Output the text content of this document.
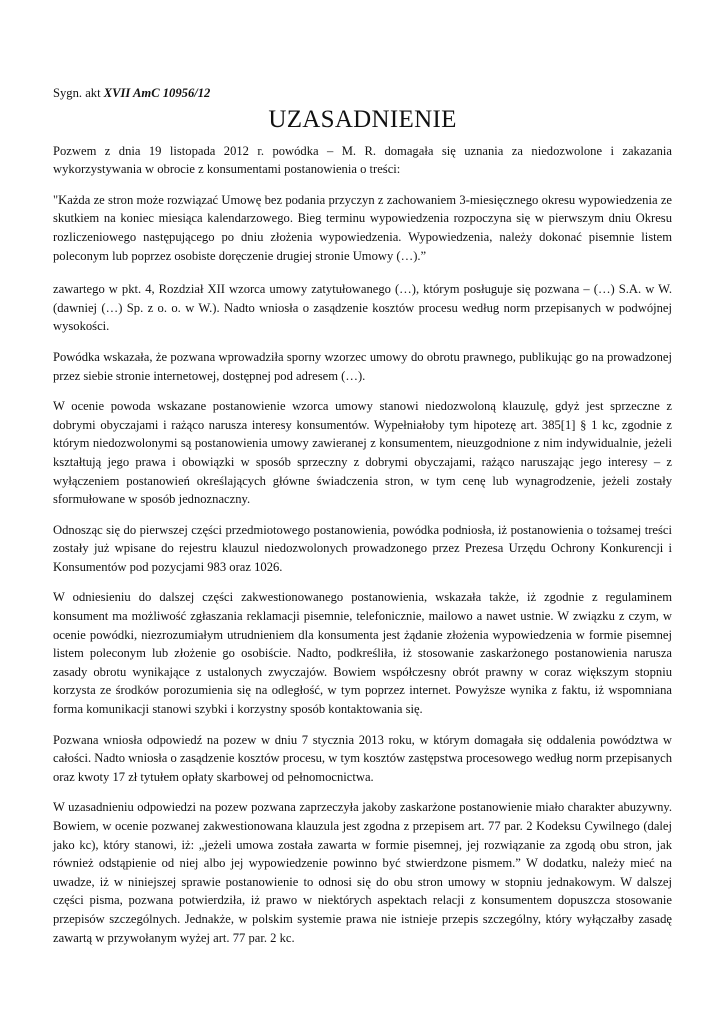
Sygn. akt XVII AmC 10956/12
UZASADNIENIE

Pozwem z dnia 19 listopada 2012 r. powódka – M. R. domagała się uznania za niedozwolone i zakazania wykorzystywania w obrocie z konsumentami postanowienia o treści:

"Każda ze stron może rozwiązać Umowę bez podania przyczyn z zachowaniem 3-miesięcznego okresu wypowiedzenia ze skutkiem na koniec miesiąca kalendarzowego. Bieg terminu wypowiedzenia rozpoczyna się w pierwszym dniu Okresu rozliczeniowego następującego po dniu złożenia wypowiedzenia. Wypowiedzenia, należy dokonać pisemnie listem poleconym lub poprzez osobiste doręczenie drugiej stronie Umowy (…).”

zawartego w pkt. 4, Rozdział XII wzorca umowy zatytułowanego (…), którym posługuje się pozwana – (…) S.A. w W. (dawniej (…) Sp. z o. o. w W.). Nadto wniosła o zasądzenie kosztów procesu według norm przepisanych w podwójnej wysokości.

Powódka wskazała, że pozwana wprowadziła sporny wzorzec umowy do obrotu prawnego, publikując go na prowadzonej przez siebie stronie internetowej, dostępnej pod adresem (…).

W ocenie powoda wskazane postanowienie wzorca umowy stanowi niedozwoloną klauzulę, gdyż jest sprzeczne z dobrymi obyczajami i rażąco narusza interesy konsumentów. Wypełniałoby tym hipotezę art. 385[1] § 1 kc, zgodnie z którym niedozwolonymi są postanowienia umowy zawieranej z konsumentem, nieuzgodnione z nim indywidualnie, jeżeli kształtują jego prawa i obowiązki w sposób sprzeczny z dobrymi obyczajami, rażąco naruszając jego interesy – z wyłączeniem postanowień określających główne świadczenia stron, w tym cenę lub wynagrodzenie, jeżeli zostały sformułowane w sposób jednoznaczny.

Odnosząc się do pierwszej części przedmiotowego postanowienia, powódka podniosła, iż postanowienia o tożsamej treści zostały już wpisane do rejestru klauzul niedozwolonych prowadzonego przez Prezesa Urzędu Ochrony Konkurencji i Konsumentów pod pozycjami 983 oraz 1026.

W odniesieniu do dalszej części zakwestionowanego postanowienia, wskazała także, iż zgodnie z regulaminem konsument ma możliwość zgłaszania reklamacji pisemnie, telefonicznie, mailowo a nawet ustnie. W związku z czym, w ocenie powódki, niezrozumiałym utrudnieniem dla konsumenta jest żądanie złożenia wypowiedzenia w formie pisemnej listem poleconym lub złożenie go osobiście. Nadto, podkreśliła, iż stosowanie zaskarżonego postanowienia narusza zasady obrotu wynikające z ustalonych zwyczajów. Bowiem współczesny obrót prawny w coraz większym stopniu korzysta ze środków porozumienia się na odległość, w tym poprzez internet. Powyższe wynika z faktu, iż wspomniana forma komunikacji stanowi szybki i korzystny sposób kontaktowania się.

Pozwana wniosła odpowiedź na pozew w dniu 7 stycznia 2013 roku, w którym domagała się oddalenia powództwa w całości. Nadto wniosła o zasądzenie kosztów procesu, w tym kosztów zastępstwa procesowego według norm przepisanych oraz kwoty 17 zł tytułem opłaty skarbowej od pełnomocnictwa.

W uzasadnieniu odpowiedzi na pozew pozwana zaprzeczyła jakoby zaskarżone postanowienie miało charakter abuzywny. Bowiem, w ocenie pozwanej zakwestionowana klauzula jest zgodna z przepisem art. 77 par. 2 Kodeksu Cywilnego (dalej jako kc), który stanowi, iż: „jeżeli umowa została zawarta w formie pisemnej, jej rozwiązanie za zgodą obu stron, jak również odstąpienie od niej albo jej wypowiedzenie powinno być stwierdzone pismem.” W dodatku, należy mieć na uwadze, iż w niniejszej sprawie postanowienie to odnosi się do obu stron umowy w stopniu jednakowym. W dalszej części pisma, pozwana potwierdziła, iż prawo w niektórych aspektach relacji z konsumentem dopuszcza stosowanie przepisów szczególnych. Jednakże, w polskim systemie prawa nie istnieje przepis szczególny, który wyłączałby zasadę zawartą w przywołanym wyżej art. 77 par. 2 kc.
